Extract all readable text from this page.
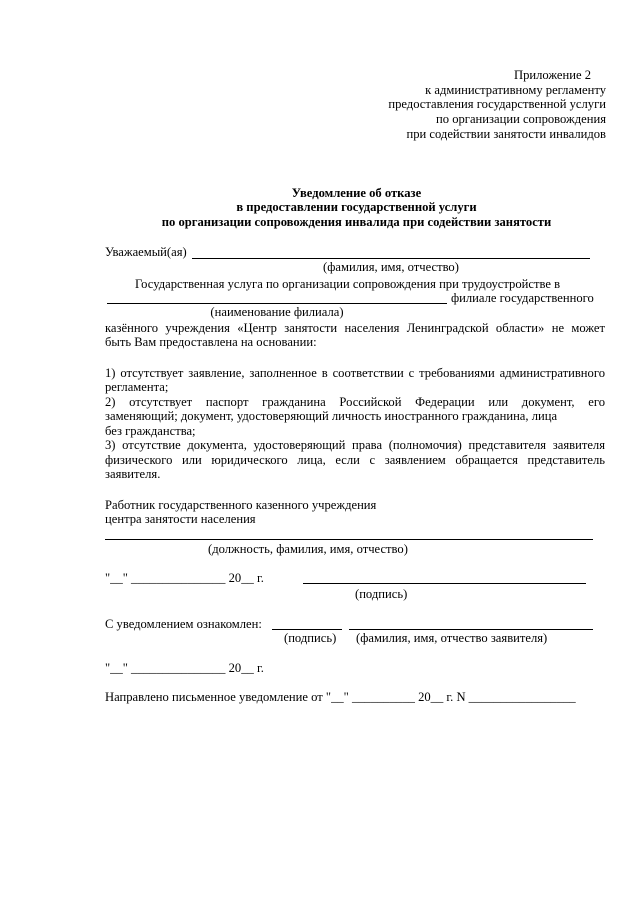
Приложение 2
к административному регламенту
предоставления государственной услуги
по организации сопровождения
при содействии занятости инвалидов
Уведомление об отказе
в предоставлении государственной услуги
по организации сопровождения инвалида при содействии занятости
Уважаемый(ая)
(фамилия, имя, отчество)
Государственная услуга по организации сопровождения при трудоустройстве в
филиале государственного
(наименование филиала)
казённого учреждения «Центр занятости населения Ленинградской области» не может
быть Вам предоставлена на основании:
1) отсутствует заявление, заполненное в соответствии с требованиями административного
регламента;
2) отсутствует паспорт гражданина Российской Федерации или документ, его
заменяющий; документ, удостоверяющий личность иностранного гражданина, лица
без гражданства;
3) отсутствие документа, удостоверяющий права (полномочия) представителя заявителя
физического или юридического лица, если с заявлением обращается представитель
заявителя.
Работник государственного казенного учреждения
центра занятости населения
(должность, фамилия, имя, отчество)
"__" _______________ 20__ г.
(подпись)
С уведомлением ознакомлен:
(подпись) (фамилия, имя, отчество заявителя)
"__" _______________ 20__ г.
Направлено письменное уведомление от "__" __________ 20__ г. N _________________
